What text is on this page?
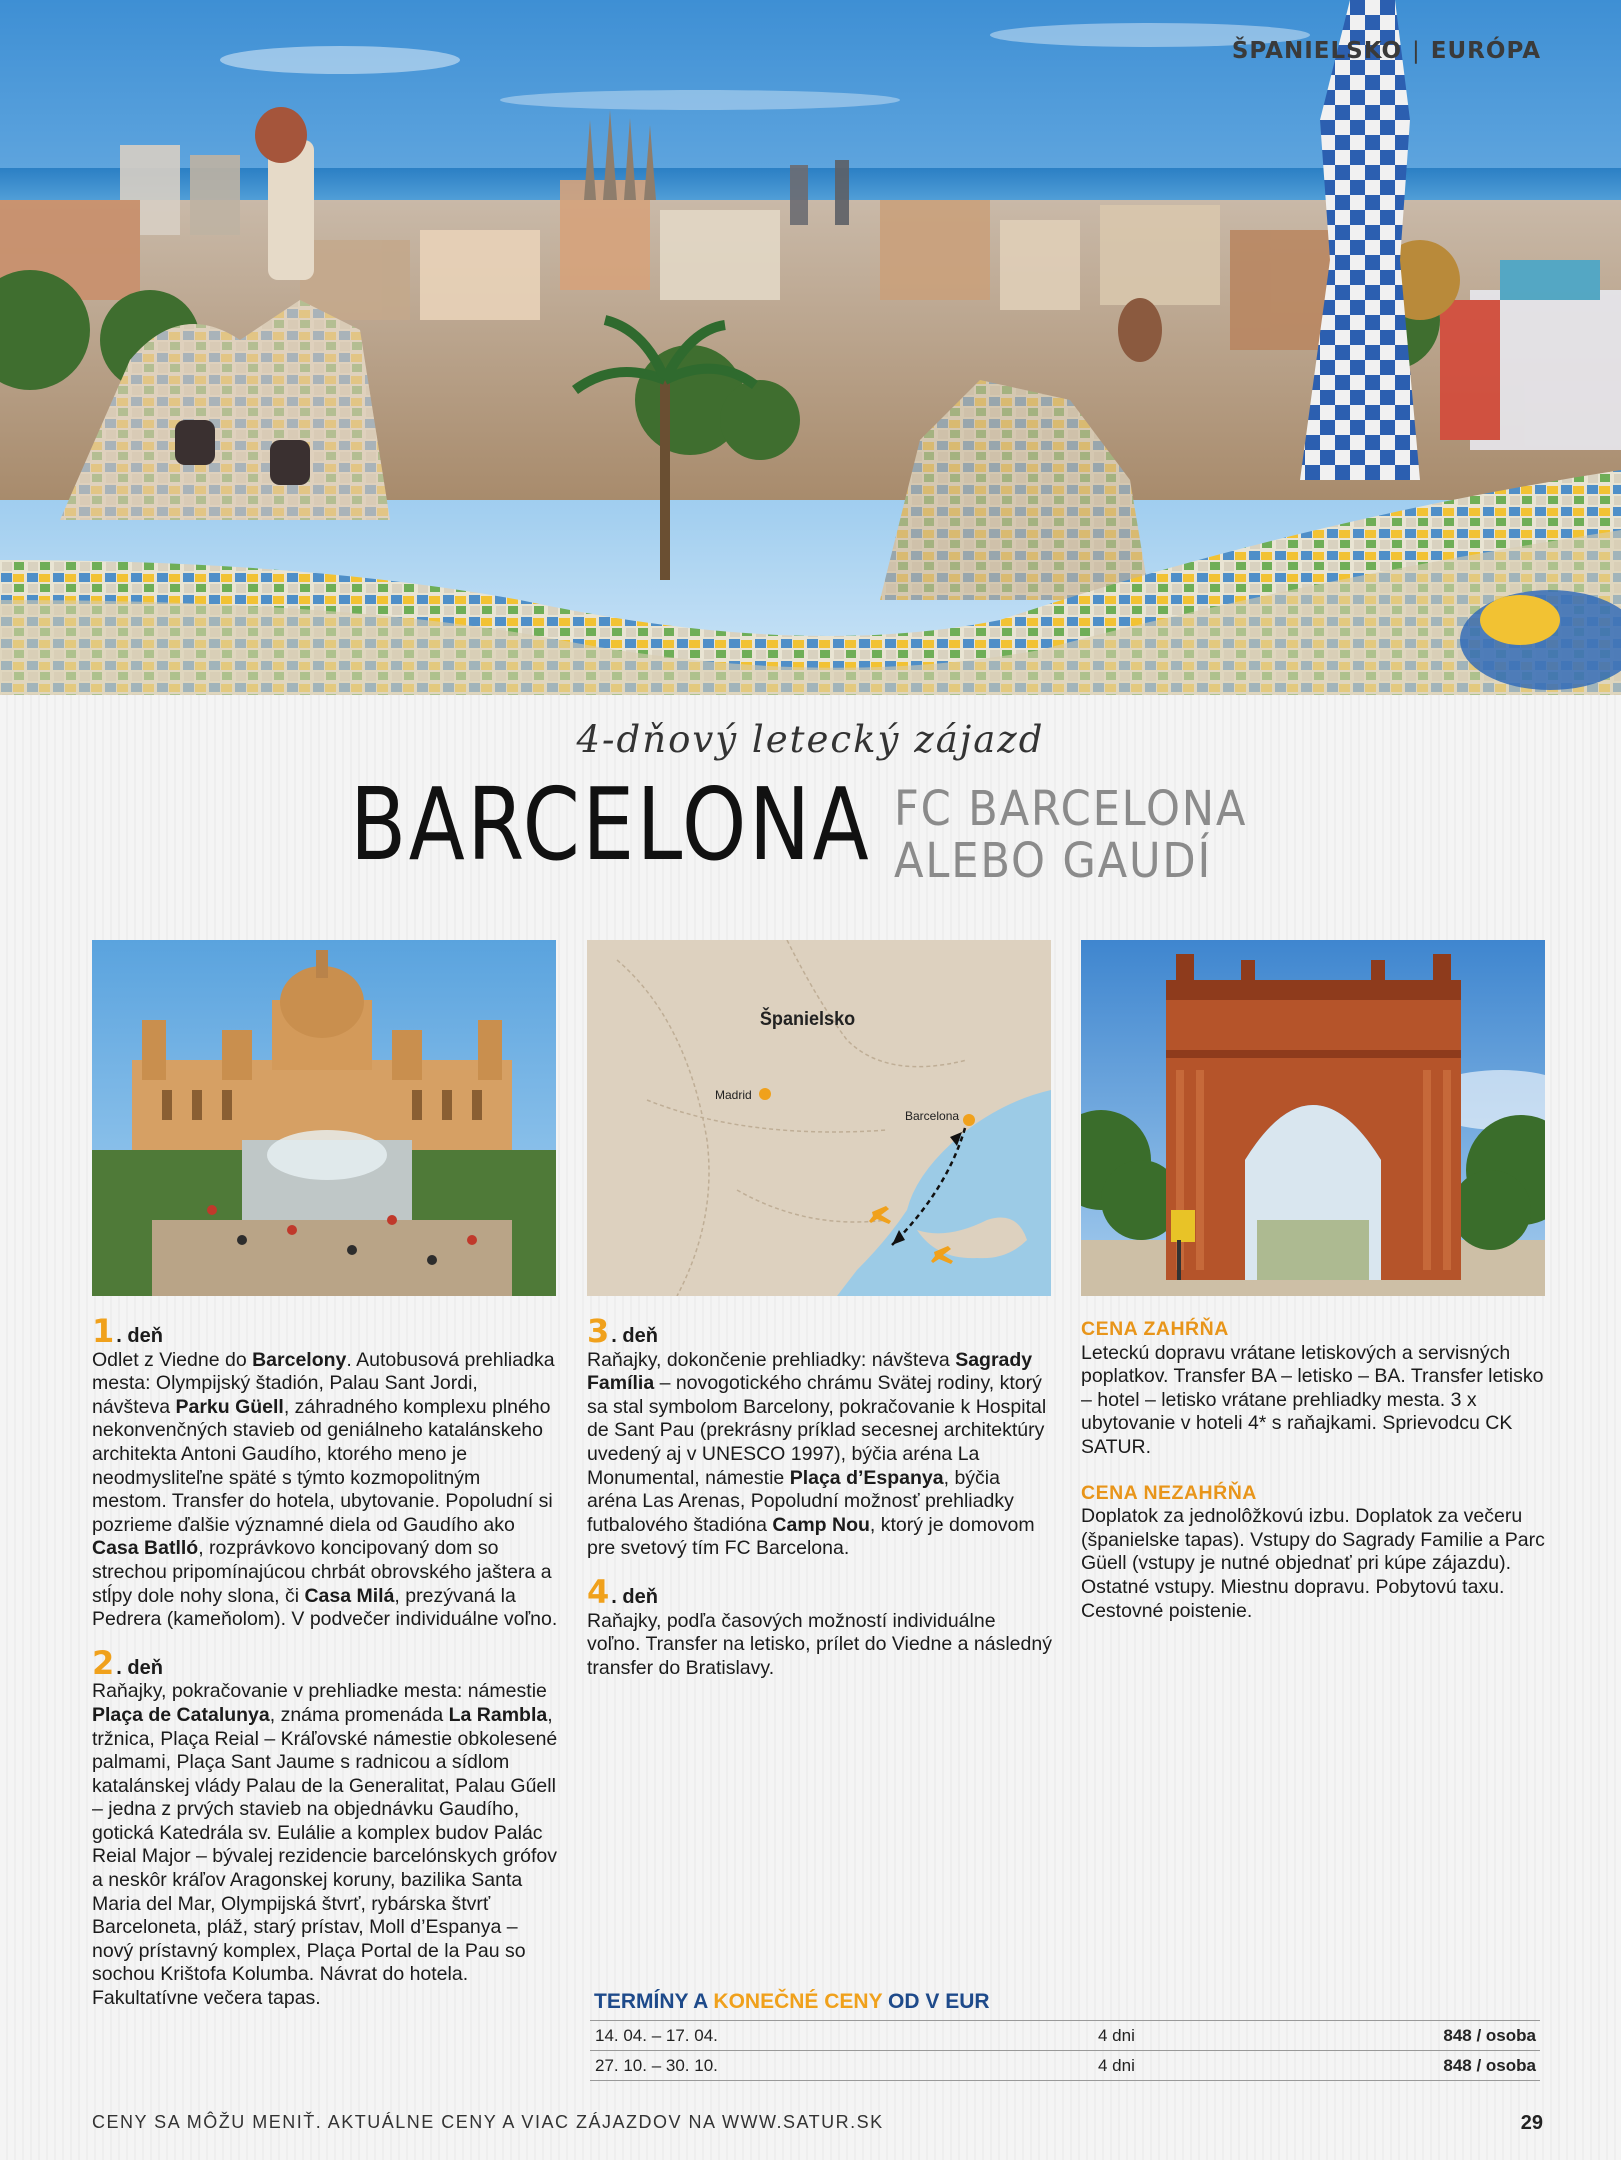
ŠPANIELSKO | EURÓPA
4-dňový letecký zájazd
BARCELONA FC BARCELONA
ALEBO GAUDÍ
Španielsko
Madrid
Barcelona
1 . deň

Odlet z Viedne do Barcelony. Autobusová prehliadka mesta: Olympijský štadión, Palau Sant Jordi, návšteva Parku Güell, záhradného komplexu plného nekonvenčných stavieb od geniálneho katalánskeho architekta Antoni Gaudího, ktorého meno je neodmysliteľne späté s týmto kozmopolitným mestom. Transfer do hotela, ubytovanie. Popoludní si pozrieme ďalšie významné diela od Gaudího ako Casa Batlló, rozprávkovo koncipovaný dom so strechou pripomínajúcou chrbát obrovského jaštera a stĺpy dole nohy slona, či Casa Milá, prezývaná la Pedrera (kameňolom). V podvečer individuálne voľno.

2 . deň

Raňajky, pokračovanie v prehliadke mesta: námestie Plaça de Catalunya, známa promenáda La Rambla, tržnica, Plaça Reial – Kráľovské námestie obkolesené palmami, Plaça Sant Jaume s radnicou a sídlom katalánskej vlády Palau de la Generalitat, Palau Gűell – jedna z prvých stavieb na objednávku Gaudího, gotická Katedrála sv. Eulálie a komplex budov Palác Reial Major – bývalej rezidencie barcelónskych grófov a neskôr kráľov Aragonskej koruny, bazilika Santa Maria del Mar, Olympijská štvrť, rybárska štvrť Barceloneta, pláž, starý prístav, Moll d’Espanya – nový prístavný komplex, Plaça Portal de la Pau so sochou Krištofa Kolumba. Návrat do hotela. Fakultatívne večera tapas.

3 . deň

Raňajky, dokončenie prehliadky: návšteva Sagrady Família – novogotického chrámu Svätej rodiny, ktorý sa stal symbolom Barcelony, pokračovanie k Hospital de Sant Pau (prekrásny príklad secesnej architektúry uvedený aj v UNESCO 1997), býčia aréna La Monumental, námestie Plaça d’Espanya, býčia aréna Las Arenas, Popoludní možnosť prehliadky futbalového štadióna Camp Nou, ktorý je domovom pre svetový tím FC Barcelona.

4 . deň

Raňajky, podľa časových možností individuálne voľno. Transfer na letisko, prílet do Viedne a následný transfer do Bratislavy.

CENA ZAHŔŇA

Leteckú dopravu vrátane letiskových a servisných poplatkov. Transfer BA – letisko – BA. Transfer letisko – hotel – letisko vrátane prehliadky mesta. 3 x ubytovanie v hoteli 4* s raňajkami. Sprievodcu CK SATUR.

CENA NEZAHŔŇA

Doplatok za jednolôžkovú izbu. Doplatok za večeru (španielske tapas). Vstupy do Sagrady Familie a Parc Güell (vstupy je nutné objednať pri kúpe zájazdu). Ostatné vstupy. Miestnu dopravu. Pobytovú taxu. Cestovné poistenie.

TERMÍNY A KONEČNÉ CENY OD V EUR
14. 04. – 17. 04.	4 dni	848 / osoba
27. 10. – 30. 10.	4 dni	848 / osoba
CENY SA MÔŽU MENIŤ. AKTUÁLNE CENY A VIAC ZÁJAZDOV NA WWW.SATUR.SK	29
